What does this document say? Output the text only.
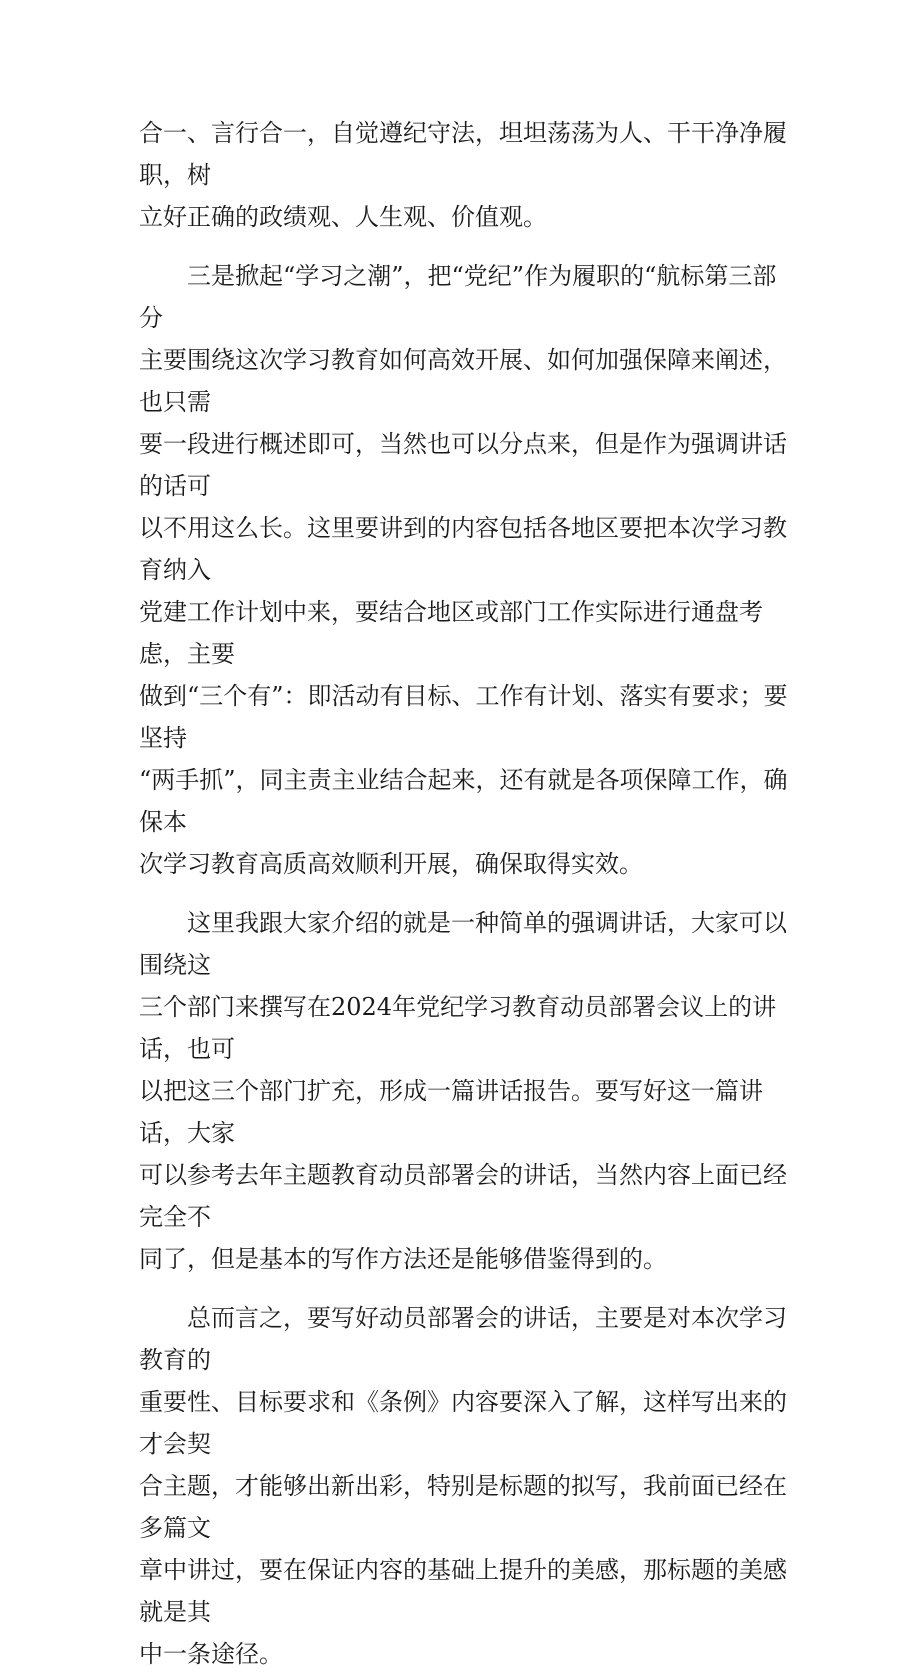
合一、言行合一，自觉遵纪守法，坦坦荡荡为人、干干净净履职，树
立好正确的政绩观、人生观、价值观。

三是掀起“学习之潮”，把“党纪”作为履职的“航标第三部分
主要围绕这次学习教育如何高效开展、如何加强保障来阐述，也只需
要一段进行概述即可，当然也可以分点来，但是作为强调讲话的话可
以不用这么长。这里要讲到的内容包括各地区要把本次学习教育纳入
党建工作计划中来，要结合地区或部门工作实际进行通盘考虑，主要
做到“三个有”：即活动有目标、工作有计划、落实有要求；要坚持
“两手抓”，同主责主业结合起来，还有就是各项保障工作，确保本
次学习教育高质高效顺利开展，确保取得实效。

这里我跟大家介绍的就是一种简单的强调讲话，大家可以围绕这
三个部门来撰写在2024年党纪学习教育动员部署会议上的讲话，也可
以把这三个部门扩充，形成一篇讲话报告。要写好这一篇讲话，大家
可以参考去年主题教育动员部署会的讲话，当然内容上面已经完全不
同了，但是基本的写作方法还是能够借鉴得到的。

总而言之，要写好动员部署会的讲话，主要是对本次学习教育的
重要性、目标要求和《条例》内容要深入了解，这样写出来的才会契
合主题，才能够出新出彩，特别是标题的拟写，我前面已经在多篇文
章中讲过，要在保证内容的基础上提升的美感，那标题的美感就是其
中一条途径。
